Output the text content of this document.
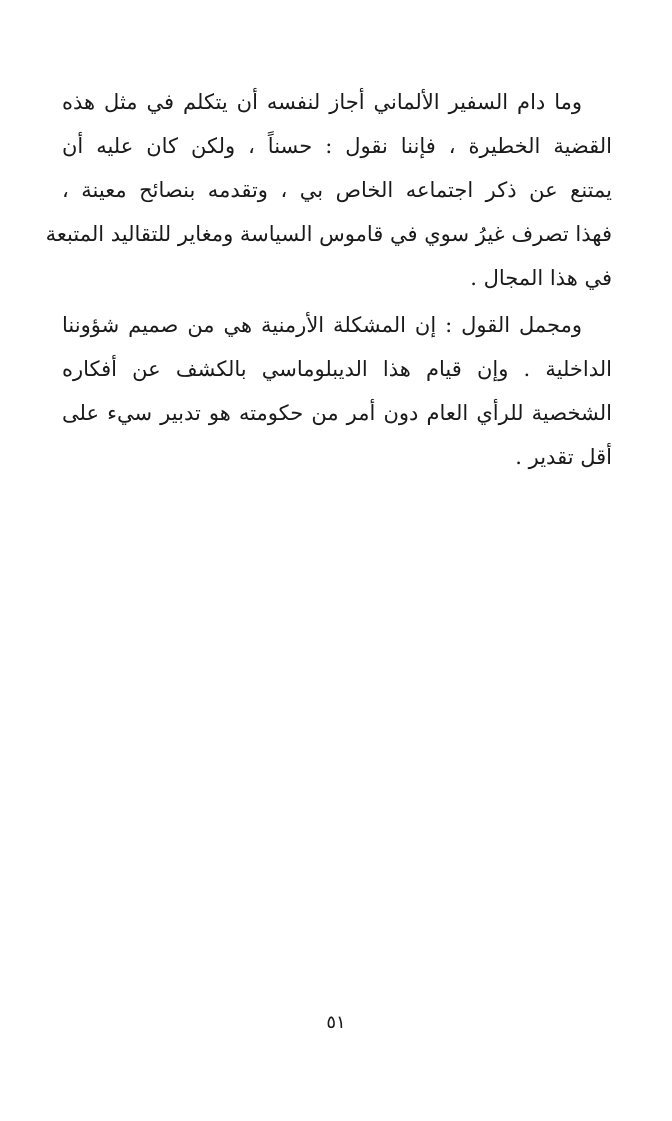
وما دام السفير الألماني أجاز لنفسه أن يتكلم في مثل هذه
القضية الخطيرة ، فإننا نقول : حسناً ، ولكن كان عليه أن
يمتنع عن ذكر اجتماعه الخاص بي ، وتقدمه بنصائح معينة ،
فهذا تصرف غيرُ سوي في قاموس السياسة ومغاير للتقاليد المتبعة
في هذا المجال .
ومجمل القول : إن المشكلة الأرمنية هي من صميم شؤوننا
الداخلية . وإن قيام هذا الديبلوماسي بالكشف عن أفكاره
الشخصية للرأي العام دون أمر من حكومته هو تدبير سيء على
أقل تقدير .
٥١
